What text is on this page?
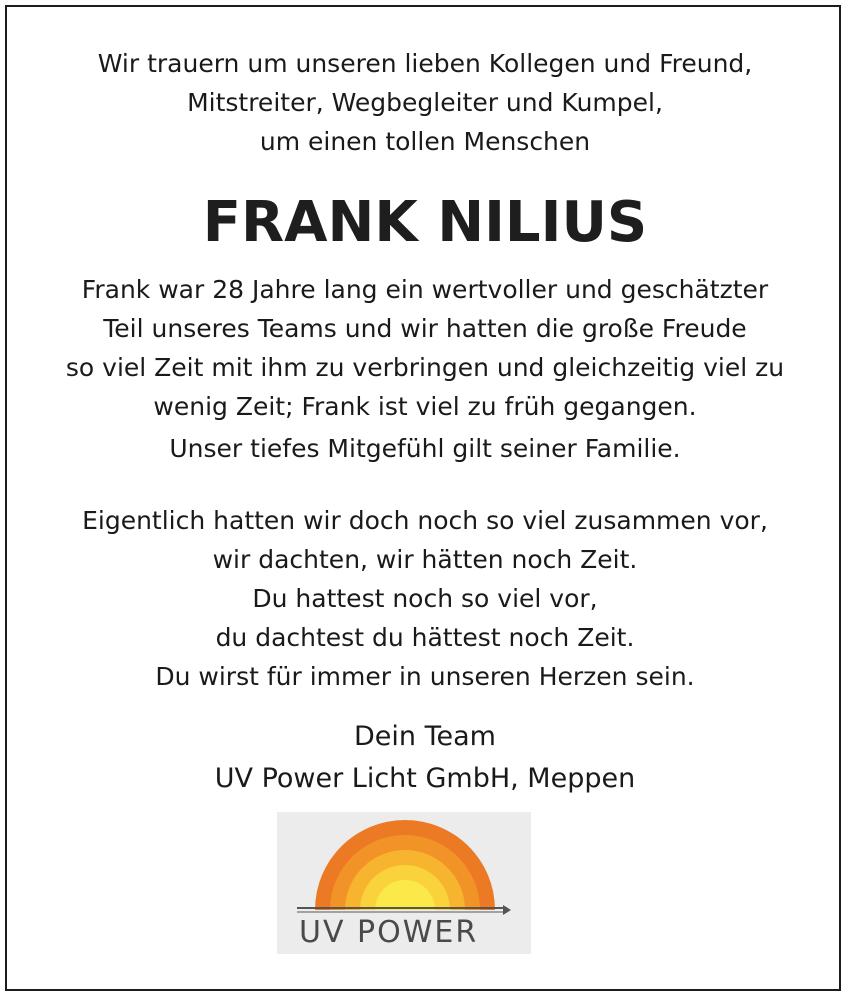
Wir trauern um unseren lieben Kollegen und Freund,
Mitstreiter, Wegbegleiter und Kumpel,
um einen tollen Menschen
FRANK NILIUS
Frank war 28 Jahre lang ein wertvoller und geschätzter
Teil unseres Teams und wir hatten die große Freude
so viel Zeit mit ihm zu verbringen und gleichzeitig viel zu
wenig Zeit; Frank ist viel zu früh gegangen.
Unser tiefes Mitgefühl gilt seiner Familie.
Eigentlich hatten wir doch noch so viel zusammen vor,
wir dachten, wir hätten noch Zeit.
Du hattest noch so viel vor,
du dachtest du hättest noch Zeit.
Du wirst für immer in unseren Herzen sein.
Dein Team
UV Power Licht GmbH, Meppen
UV POWER
